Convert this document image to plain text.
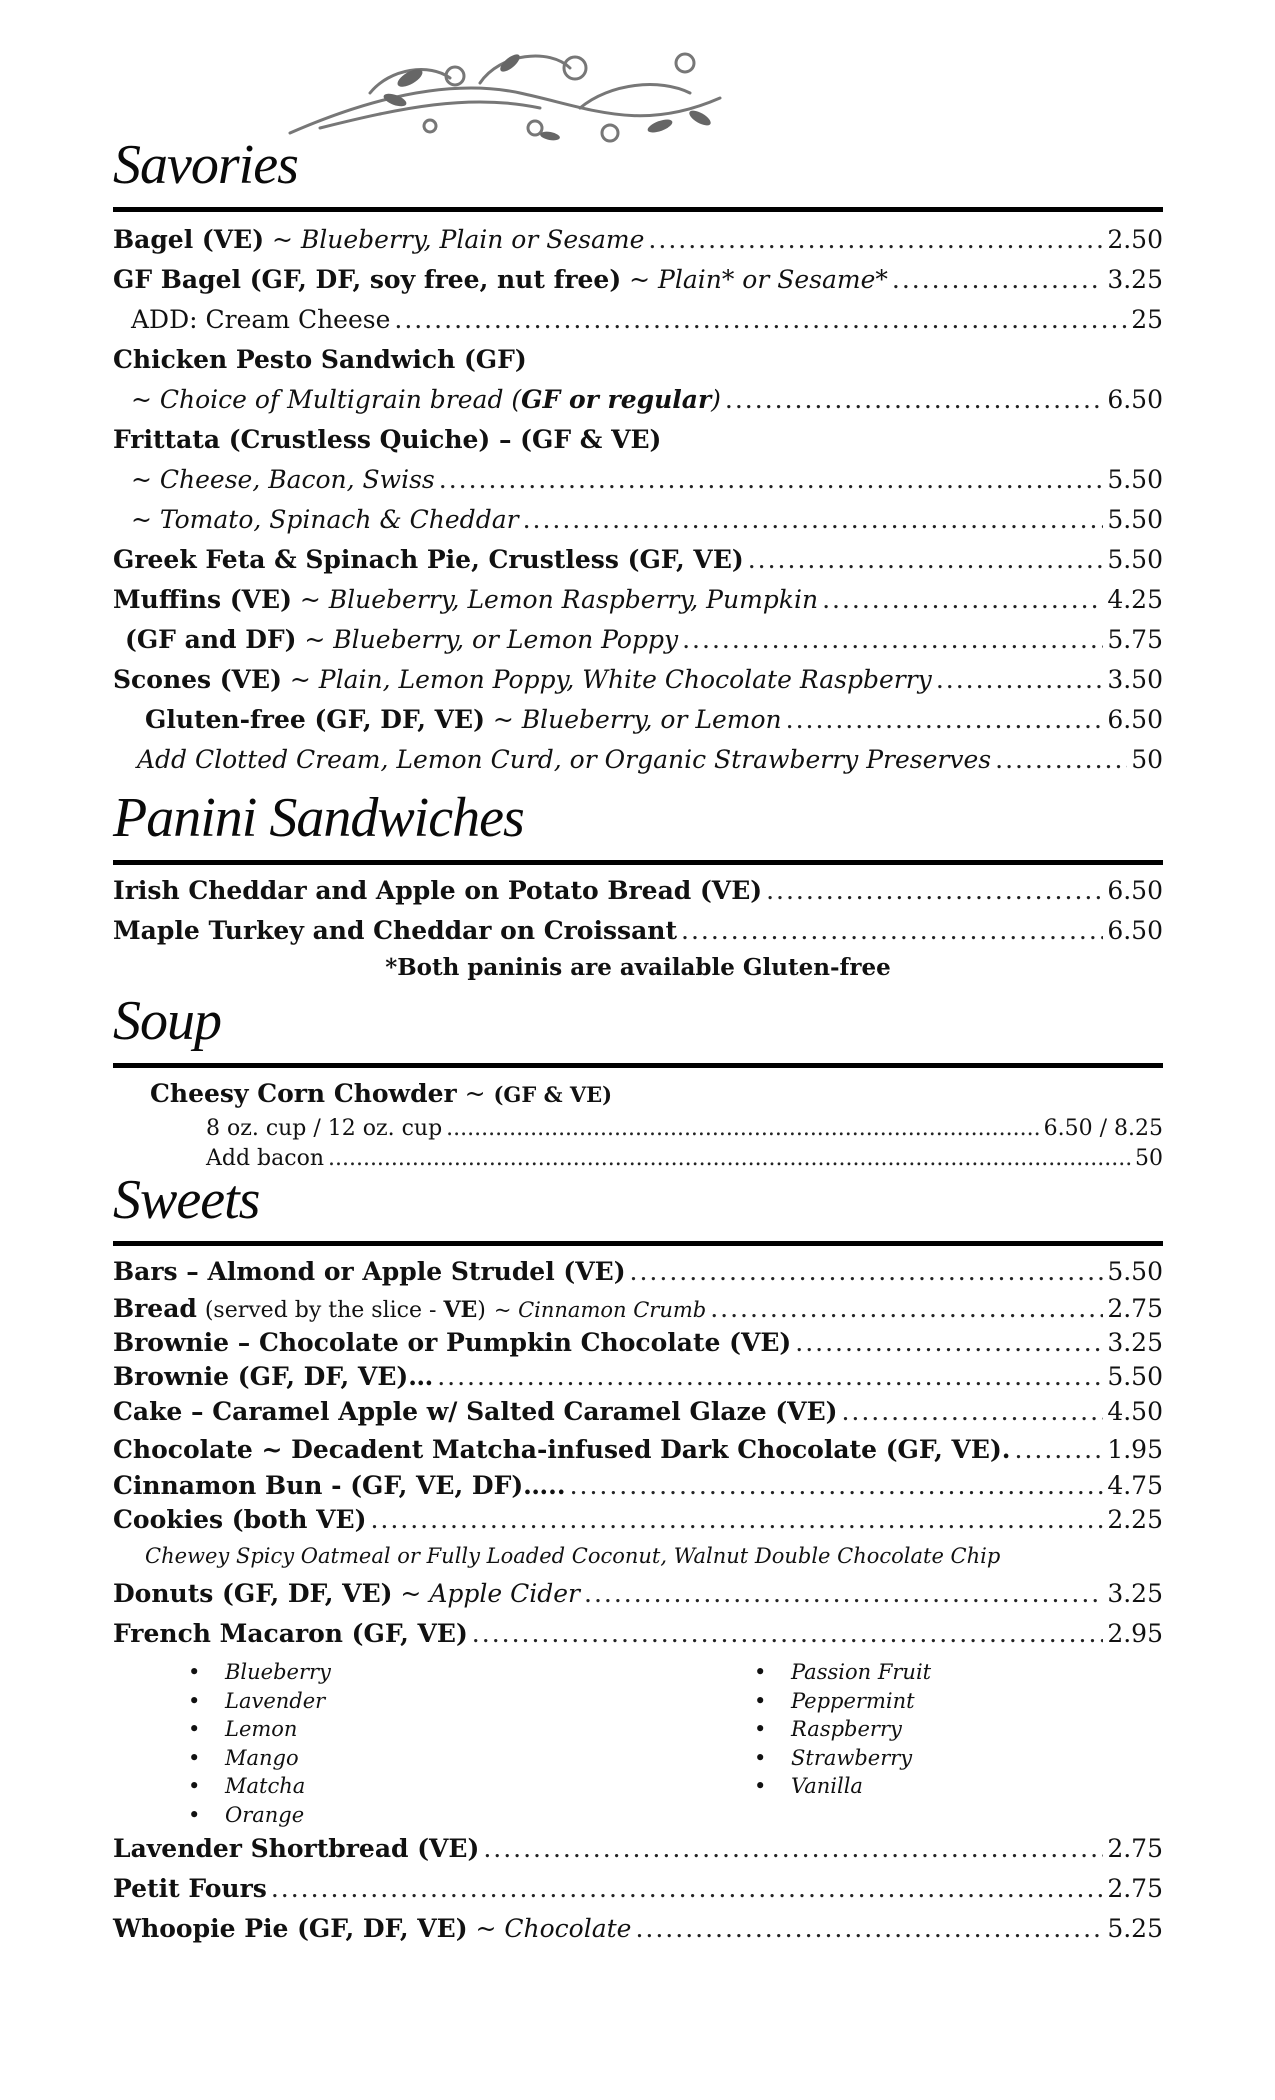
Savories
Bagel (VE) ~ Blueberry, Plain or Sesame .....	2.50
GF Bagel (GF, DF, soy free, nut free) ~ Plain* or Sesame* .....	3.25
ADD: Cream Cheese .....	25
Chicken Pesto Sandwich (GF)
~ Choice of Multigrain bread (GF or regular) .....	6.50
Frittata (Crustless Quiche) – (GF & VE)
~ Cheese, Bacon, Swiss .....	5.50
~ Tomato, Spinach & Cheddar .....	5.50
Greek Feta & Spinach Pie, Crustless (GF, VE) .....	5.50
Muffins (VE) ~ Blueberry, Lemon Raspberry, Pumpkin .....	4.25
(GF and DF) ~ Blueberry, or Lemon Poppy .....	5.75
Scones (VE) ~ Plain, Lemon Poppy, White Chocolate Raspberry .....	3.50
Gluten-free (GF, DF, VE) ~ Blueberry, or Lemon .....	6.50
Add Clotted Cream, Lemon Curd, or Organic Strawberry Preserves .....	50
Panini Sandwiches
Irish Cheddar and Apple on Potato Bread (VE) .....	6.50
Maple Turkey and Cheddar on Croissant .....	6.50
*Both paninis are available Gluten-free
Soup
Cheesy Corn Chowder ~ (GF & VE)
8 oz. cup / 12 oz. cup .....	6.50 / 8.25
Add bacon .....	50
Sweets
Bars – Almond or Apple Strudel (VE) .....	5.50
Bread (served by the slice - VE) ~ Cinnamon Crumb .....	2.75
Brownie – Chocolate or Pumpkin Chocolate (VE) .....	3.25
Brownie (GF, DF, VE)… .....	5.50
Cake – Caramel Apple w/ Salted Caramel Glaze (VE) .....	4.50
Chocolate ~ Decadent Matcha-infused Dark Chocolate (GF, VE). .....	1.95
Cinnamon Bun - (GF, VE, DF)….. .....	4.75
Cookies (both VE) .....	2.25
Chewey Spicy Oatmeal or Fully Loaded Coconut, Walnut Double Chocolate Chip
Donuts (GF, DF, VE) ~ Apple Cider .....	3.25
French Macaron (GF, VE) .....	2.95
• Blueberry
• Lavender
• Lemon
• Mango
• Matcha
• Orange
• Passion Fruit
• Peppermint
• Raspberry
• Strawberry
• Vanilla
Lavender Shortbread (VE) .....	2.75
Petit Fours .....	2.75
Whoopie Pie (GF, DF, VE) ~ Chocolate .....	5.25
